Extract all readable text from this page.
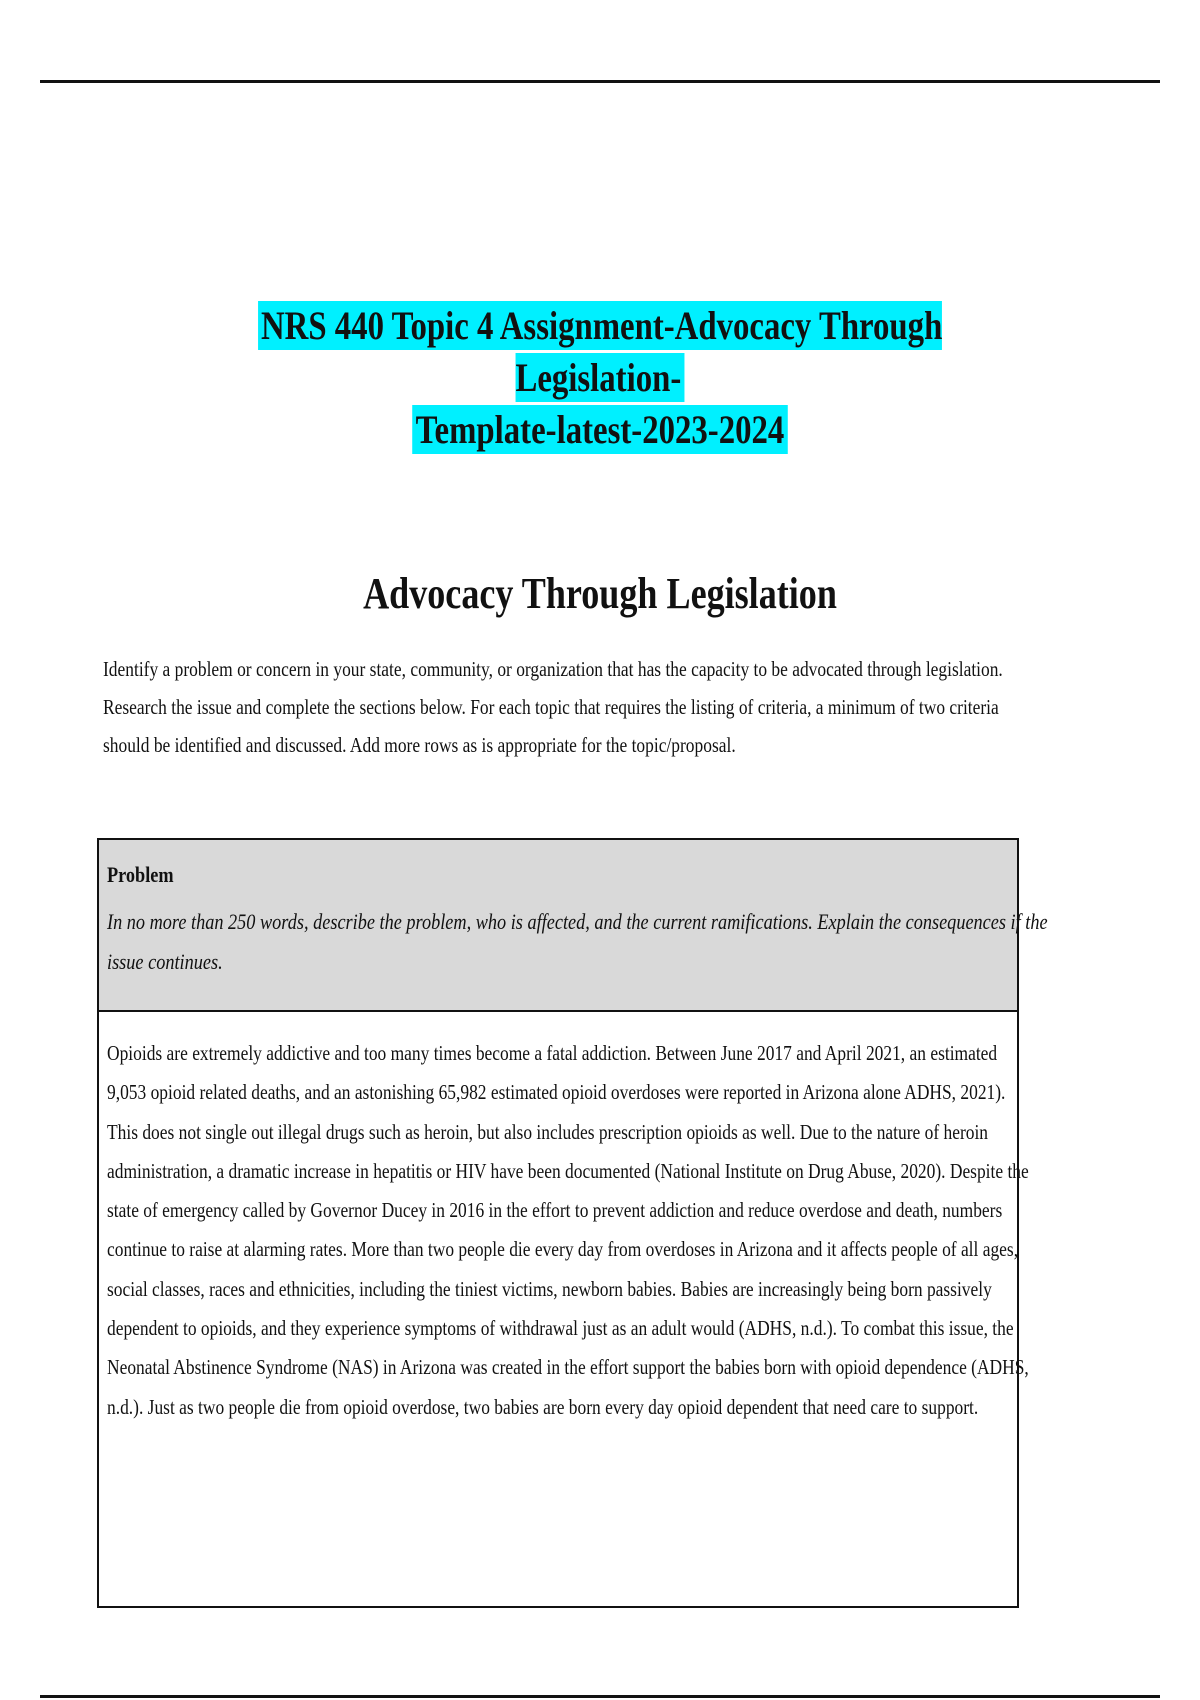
NRS 440 Topic 4 Assignment-Advocacy Through Legislation-
Template-latest-2023-2024
Advocacy Through Legislation
Identify a problem or concern in your state, community, or organization that has the capacity to be advocated through legislation.
Research the issue and complete the sections below. For each topic that requires the listing of criteria, a minimum of two criteria
should be identified and discussed. Add more rows as is appropriate for the topic/proposal.
Problem
In no more than 250 words, describe the problem, who is affected, and the current ramifications. Explain the consequences if the
issue continues.
Opioids are extremely addictive and too many times become a fatal addiction. Between June 2017 and April 2021, an estimated
9,053 opioid related deaths, and an astonishing 65,982 estimated opioid overdoses were reported in Arizona alone ADHS, 2021).
This does not single out illegal drugs such as heroin, but also includes prescription opioids as well. Due to the nature of heroin
administration, a dramatic increase in hepatitis or HIV have been documented (National Institute on Drug Abuse, 2020). Despite the
state of emergency called by Governor Ducey in 2016 in the effort to prevent addiction and reduce overdose and death, numbers
continue to raise at alarming rates. More than two people die every day from overdoses in Arizona and it affects people of all ages,
social classes, races and ethnicities, including the tiniest victims, newborn babies. Babies are increasingly being born passively
dependent to opioids, and they experience symptoms of withdrawal just as an adult would (ADHS, n.d.). To combat this issue, the
Neonatal Abstinence Syndrome (NAS) in Arizona was created in the effort support the babies born with opioid dependence (ADHS,
n.d.). Just as two people die from opioid overdose, two babies are born every day opioid dependent that need care to support.
